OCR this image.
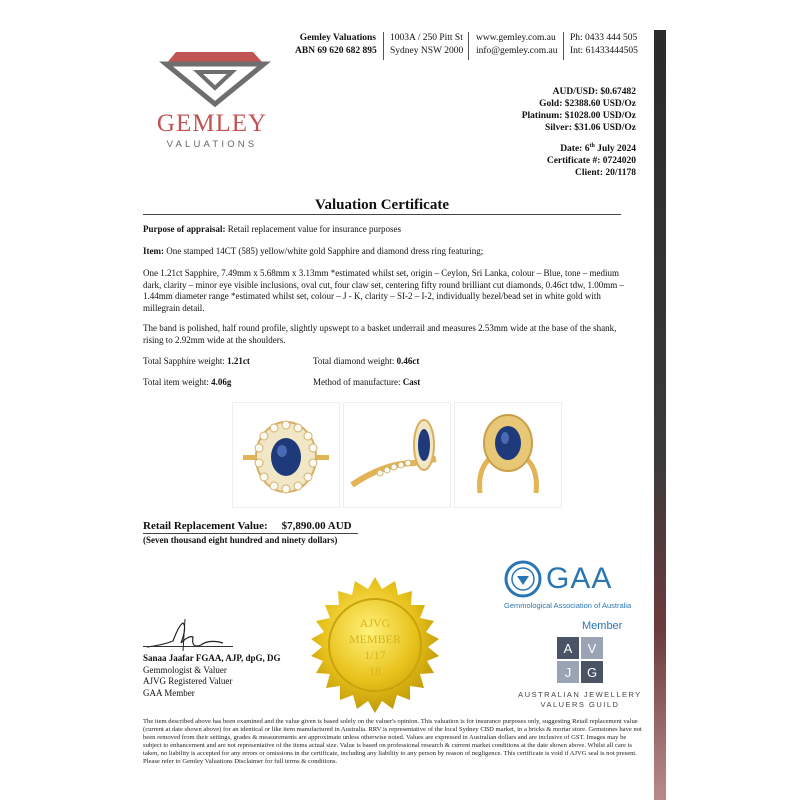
Gemley Valuations
ABN 69 620 682 895
1003A / 250 Pitt St
Sydney NSW 2000
www.gemley.com.au
info@gemley.com.au
Ph: 0433 444 505
Int: 61433444505
GEMLEY
VALUATIONS
AUD/USD: $0.67482
Gold: $2388.60 USD/Oz
Platinum: $1028.00 USD/Oz
Silver: $31.06 USD/Oz
Date: 6th July 2024
Certificate #: 0724020
Client: 20/1178
Valuation Certificate
Purpose of appraisal: Retail replacement value for insurance purposes
Item: One stamped 14CT (585) yellow/white gold Sapphire and diamond dress ring featuring;
One 1.21ct Sapphire, 7.49mm x 5.68mm x 3.13mm *estimated whilst set, origin – Ceylon, Sri Lanka, colour – Blue, tone – medium dark, clarity – minor eye visible inclusions, oval cut, four claw set, centering fifty round brilliant cut diamonds, 0.46ct tdw, 1.00mm – 1.44mm diameter range *estimated whilst set, colour – J - K, clarity – SI-2 – I-2, individually bezel/bead set in white gold with millegrain detail.
The band is polished, half round profile, slightly upswept to a basket underrail and measures 2.53mm wide at the base of the shank, rising to 2.92mm wide at the shoulders.
Total Sapphire weight: 1.21ct	Total diamond weight: 0.46ct
Total item weight: 4.06g	Method of manufacture: Cast
Retail Replacement Value: $7,890.00 AUD
(Seven thousand eight hundred and ninety dollars)
GAA
Gemmological Association of Australia
Member
A V
J G
AUSTRALIAN JEWELLERY
VALUERS GUILD
AJVG
MEMBER
1/17
18
Sanaa Jaafar FGAA, AJP, dpG, DG
Gemmologist & Valuer
AJVG Registered Valuer
GAA Member
The item described above has been examined and the value given is based solely on the valuer's opinion. This valuation is for insurance purposes only, suggesting Retail replacement value (current at date shown above) for an identical or like item manufactured in Australia. RRV is representative of the local Sydney CBD market, in a bricks & mortar store. Gemstones have not been removed from their settings, grades & measurements are approximate unless otherwise noted. Values are expressed in Australian dollars and are inclusive of GST. Images may be subject to enhancement and are not representative of the items actual size. Value is based on professional research & current market conditions at the date shown above. Whilst all care is taken, no liability is accepted for any errors or omissions in the certificate, including any liability to any person by reason of negligence. This certificate is void if AJVG seal is not present. Please refer to Gemley Valuations Disclaimer for full terms & conditions.
